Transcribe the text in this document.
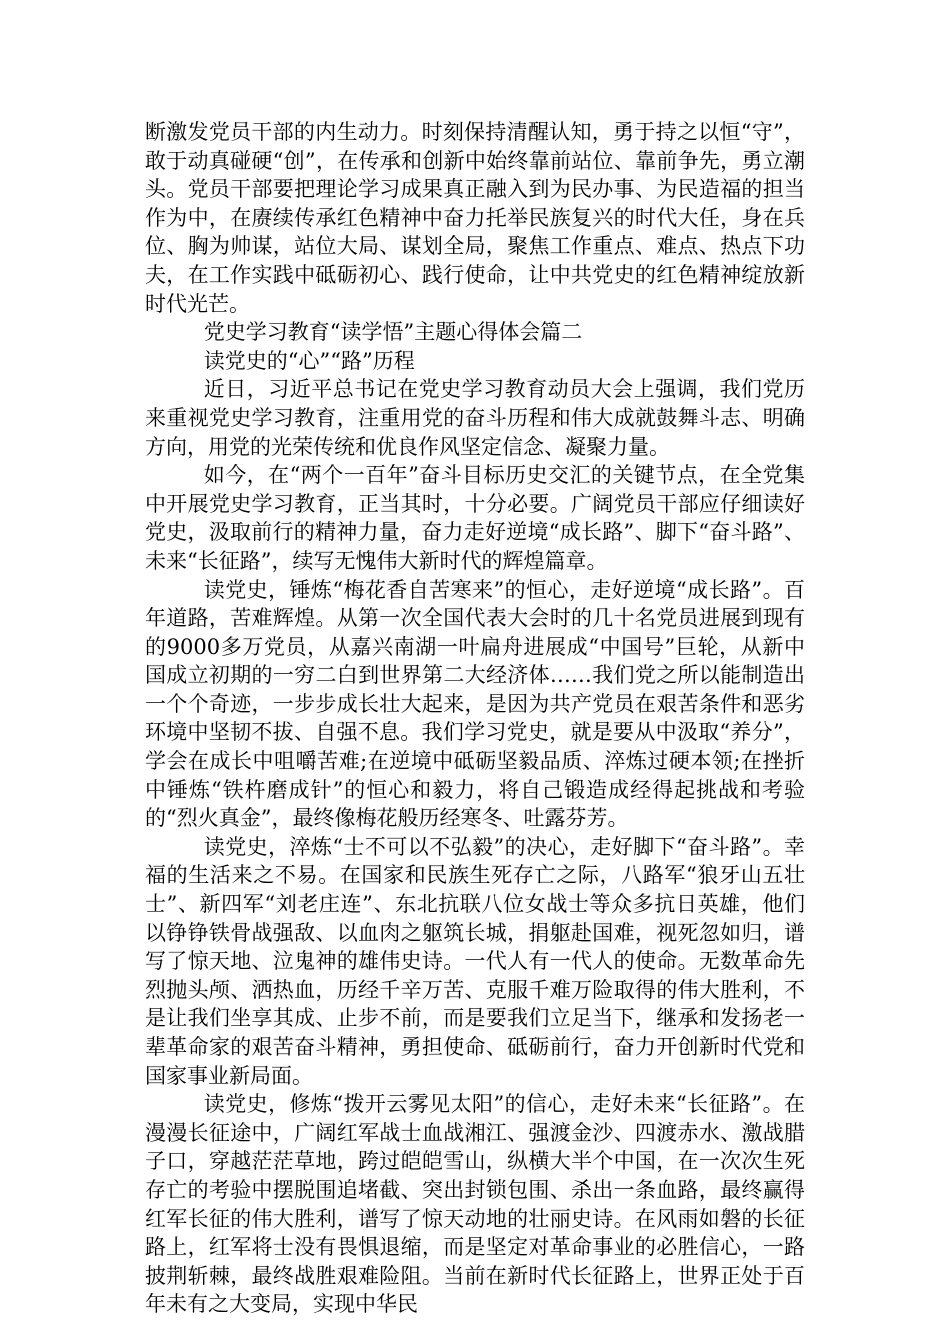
断激发党员干部的内生动力。时刻保持清醒认知，勇于持之以恒“守”，敢于动真碰硬“创”，在传承和创新中始终靠前站位、靠前争先，勇立潮头。党员干部要把理论学习成果真正融入到为民办事、为民造福的担当作为中，在赓续传承红色精神中奋力托举民族复兴的时代大任，身在兵位、胸为帅谋，站位大局、谋划全局，聚焦工作重点、难点、热点下功夫，在工作实践中砥砺初心、践行使命，让中共党史的红色精神绽放新时代光芒。

党史学习教育“读学悟”主题心得体会篇二

读党史的“心”“路”历程

近日，习近平总书记在党史学习教育动员大会上强调，我们党历来重视党史学习教育，注重用党的奋斗历程和伟大成就鼓舞斗志、明确方向，用党的光荣传统和优良作风坚定信念、凝聚力量。

如今，在“两个一百年”奋斗目标历史交汇的关键节点，在全党集中开展党史学习教育，正当其时，十分必要。广阔党员干部应仔细读好党史，汲取前行的精神力量，奋力走好逆境“成长路”、脚下“奋斗路”、未来“长征路”，续写无愧伟大新时代的辉煌篇章。

读党史，锤炼“梅花香自苦寒来”的恒心，走好逆境“成长路”。百年道路，苦难辉煌。从第一次全国代表大会时的几十名党员进展到现有的9000多万党员，从嘉兴南湖一叶扁舟进展成“中国号”巨轮，从新中国成立初期的一穷二白到世界第二大经济体……我们党之所以能制造出一个个奇迹，一步步成长壮大起来，是因为共产党员在艰苦条件和恶劣环境中坚韧不拔、自强不息。我们学习党史，就是要从中汲取“养分”，学会在成长中咀嚼苦难;在逆境中砥砺坚毅品质、淬炼过硬本领;在挫折中锤炼“铁杵磨成针”的恒心和毅力，将自己锻造成经得起挑战和考验的“烈火真金”，最终像梅花般历经寒冬、吐露芬芳。

读党史，淬炼“士不可以不弘毅”的决心，走好脚下“奋斗路”。幸福的生活来之不易。在国家和民族生死存亡之际，八路军“狼牙山五壮士”、新四军“刘老庄连”、东北抗联八位女战士等众多抗日英雄，他们以铮铮铁骨战强敌、以血肉之躯筑长城，捐躯赴国难，视死忽如归，谱写了惊天地、泣鬼神的雄伟史诗。一代人有一代人的使命。无数革命先烈抛头颅、洒热血，历经千辛万苦、克服千难万险取得的伟大胜利，不是让我们坐享其成、止步不前，而是要我们立足当下，继承和发扬老一辈革命家的艰苦奋斗精神，勇担使命、砥砺前行，奋力开创新时代党和国家事业新局面。

读党史，修炼“拨开云雾见太阳”的信心，走好未来“长征路”。在漫漫长征途中，广阔红军战士血战湘江、强渡金沙、四渡赤水、激战腊子口，穿越茫茫草地，跨过皑皑雪山，纵横大半个中国，在一次次生死存亡的考验中摆脱围追堵截、突出封锁包围、杀出一条血路，最终赢得红军长征的伟大胜利，谱写了惊天动地的壮丽史诗。在风雨如磐的长征路上，红军将士没有畏惧退缩，而是坚定对革命事业的必胜信心，一路披荆斩棘，最终战胜艰难险阻。当前在新时代长征路上，世界正处于百年未有之大变局，实现中华民
